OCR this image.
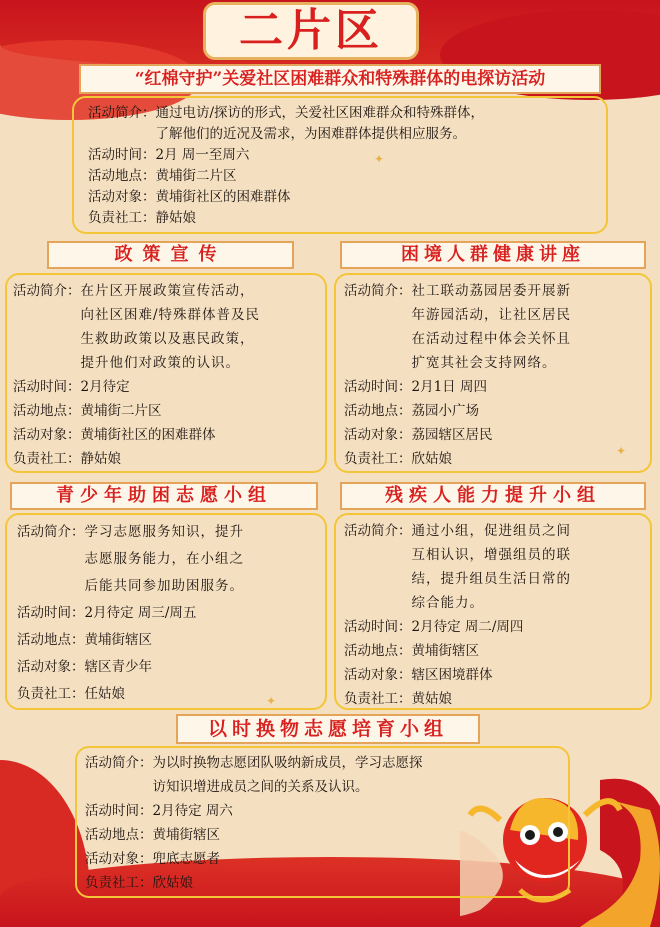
✦
✦
✦
二片区
“红棉守护”关爱社区困难群众和特殊群体的电探访活动
活动简介： 通过电访/探访的形式，关爱社区困难群众和特殊群体，
了解他们的近况及需求，为困难群体提供相应服务。
活动时间： 2月 周一至周六
活动地点： 黄埔街二片区
活动对象： 黄埔街社区的困难群体
负责社工： 静姑娘
政策宣传
活动简介： 在片区开展政策宣传活动，
向社区困难/特殊群体普及民
生救助政策以及惠民政策，
提升他们对政策的认识。
活动时间： 2月待定
活动地点： 黄埔街二片区
活动对象： 黄埔街社区的困难群体
负责社工： 静姑娘
困境人群健康讲座
活动简介： 社工联动荔园居委开展新
年游园活动，让社区居民
在活动过程中体会关怀且
扩宽其社会支持网络。
活动时间： 2月1日 周四
活动地点： 荔园小广场
活动对象： 荔园辖区居民
负责社工： 欣姑娘
青少年助困志愿小组
活动简介： 学习志愿服务知识，提升
志愿服务能力，在小组之
后能共同参加助困服务。
活动时间： 2月待定 周三/周五
活动地点： 黄埔街辖区
活动对象： 辖区青少年
负责社工： 任姑娘
残疾人能力提升小组
活动简介： 通过小组，促进组员之间
互相认识，增强组员的联
结，提升组员生活日常的
综合能力。
活动时间： 2月待定 周二/周四
活动地点： 黄埔街辖区
活动对象： 辖区困境群体
负责社工： 黄姑娘
以时换物志愿培育小组
活动简介： 为以时换物志愿团队吸纳新成员，学习志愿探
访知识增进成员之间的关系及认识。
活动时间： 2月待定 周六
活动地点： 黄埔街辖区
活动对象： 兜底志愿者
负责社工： 欣姑娘
